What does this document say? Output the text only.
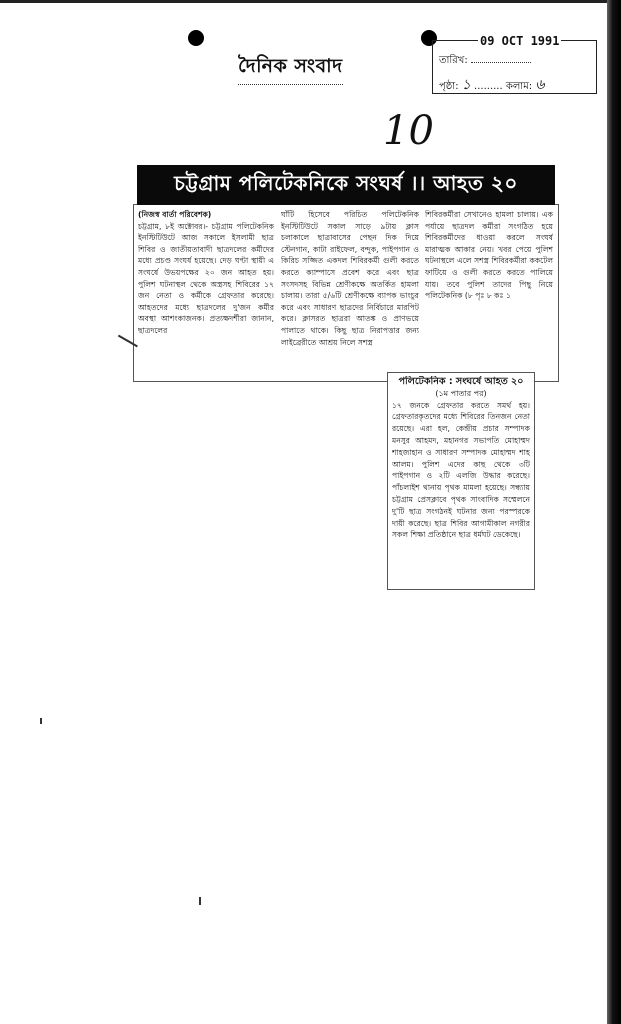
দৈনিক সংবাদ	তারিখ:
পৃষ্ঠা: ১ ......... কলাম: ৬
09 OCT 1991
10

(নিজস্ব বার্তা পরিবেশক)

চট্টগ্রাম, ৮ই অক্টোবর।- চট্টগ্রাম পলিটেকনিক ইনস্টিটিউটে আজ সকালে ইসলামী ছাত্র শিবির ও জাতীয়তাবাদী ছাত্রদলের কর্মীদের মধ্যে প্রচণ্ড সংঘর্ষ হয়েছে। দেড় ঘণ্টা স্থায়ী এ সংঘর্ষে উভয়পক্ষের ২০ জন আহত হয়। পুলিশ ঘটনাস্থল থেকে অস্ত্রসহ শিবিরের ১৭ জন নেতা ও কর্মীকে গ্রেফতার করেছে। আহতদের মধ্যে ছাত্রদলের দু'জন কর্মীর অবস্থা আশংকাজনক। প্রত্যক্ষদর্শীরা জানান, ছাত্রদলের

ঘাঁটি হিসেবে পরিচিত পলিটেকনিক ইনস্টিটিউটে সকাল সাড়ে ৯টায় ক্লাস চলাকালে ছাত্রাবাসের পেছন দিক দিয়ে স্টেনগান, কাটা রাইফেল, বন্দুক, পাইপগান ও কিরিচ সজ্জিত একদল শিবিরকর্মী গুলী করতে করতে ক্যাম্পাসে প্রবেশ করে এবং ছাত্র সংসদসহ বিভিন্ন শ্রেণীকক্ষে অতর্কিত হামলা চালায়। তারা ৫/৬টি শ্রেণীকক্ষে ব্যাপক ভাংচুর করে এবং সাধারণ ছাত্রদের নির্বিচারে মারপিট করে। ক্লাসরত ছাত্ররা আতঙ্ক ও প্রাণভয়ে পালাতে থাকে। কিছু ছাত্র নিরাপত্তার জন্য লাইব্রেরীতে আশ্রয় নিলে সশস্ত্র

শিবিরকর্মীরা সেখানেও হামলা চালায়। এক পর্যায়ে ছাত্রদল কর্মীরা সংগঠিত হয়ে শিবিরকর্মীদের ধাওয়া করলে সংঘর্ষ মারাত্মক আকার নেয়। খবর পেয়ে পুলিশ ঘটনাস্থলে এলে সশস্ত্র শিবিরকর্মীরা ককটেল ফাটিয়ে ও গুলী করতে করতে পালিয়ে যায়। তবে পুলিশ তাদের পিছু নিয়ে পলিটেকনিক (৮ পৃঃ ৮ কঃ ১

চট্টগ্রাম পলিটেকনিকে সংঘর্ষ ।। আহত ২০

পলিটেকনিক : সংঘর্ষে আহত ২০

(১ম পাতার পর)

১৭ জনকে গ্রেফতার করতে সমর্থ হয়। গ্রেফতারকৃতদের মধ্যে শিবিরের তিনজন নেতা রয়েছে। এরা হল, কেন্দ্রীয় প্রচার সম্পাদক মনসুর আহমদ, মহানগর সভাপতি মোহাম্মদ শাহজাহান ও সাধারণ সম্পাদক মোহাম্মদ শাহ আলম। পুলিশ এদের কাছ থেকে ৩টি পাইপগান ও ২টি এলজি উদ্ধার করেছে। পাঁচলাইশ থানায় পৃথক মামলা হয়েছে। সন্ধ্যায় চট্টগ্রাম প্রেসক্লাবে পৃথক সাংবাদিক সম্মেলনে দু'টি ছাত্র সংগঠনই ঘটনার জন্য পরস্পরকে দায়ী করেছে। ছাত্র শিবির আগামীকাল নগরীর সকল শিক্ষা প্রতিষ্ঠানে ছাত্র ধর্মঘট ডেকেছে।
